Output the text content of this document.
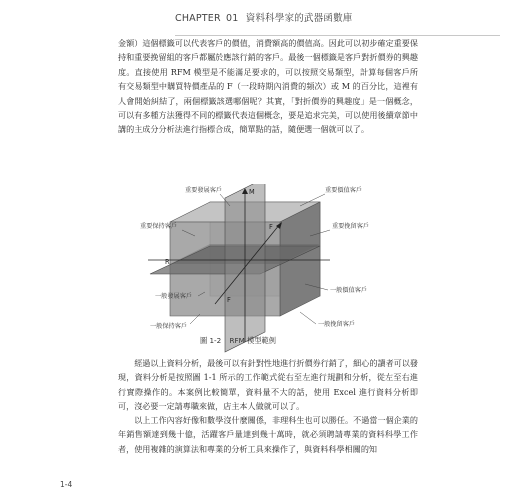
CHAPTER 01 資料科學家的武器函數庫

金額）這個標籤可以代表客戶的價值，消費額高的價值高。因此可以初步確定重要保持和重要挽留組的客戶都屬於應該行銷的客戶。最後一個標籤是客戶對折價券的興趣度。直接使用 RFM 模型是不能滿足要求的，可以按照交易類型，計算每個客戶所有交易類型中購買特價產品的 F（一段時期內消費的頻次）或 M 的百分比，這裡有人會開始糾結了，兩個標籤該選哪個呢？其實，「對折價券的興趣度」是一個概念，可以有多種方法獲得不同的標籤代表這個概念，要是追求完美，可以使用後續章節中講的主成分分析法進行指標合成，簡單點的話，隨便選一個就可以了。

M
F
R
F
重要發展客戶	重要價值客戶
重要保持客戶	重要挽留客戶
一般發展客戶
一般價值客戶
一般保持客戶	一般挽留客戶
圖 1-2 RFM 模型範例

經過以上資料分析，最後可以有針對性地進行折價券行銷了，細心的讀者可以發現，資料分析是按照圖 1-1 所示的工作範式從右至左進行規劃和分析，從左至右進行實際操作的。本案例比較簡單，資料量不大的話，使用 Excel 進行資料分析即可，沒必要一定請專職來做，店主本人做就可以了。

以上工作內容好像和數學沒什麼關係，非理科生也可以勝任。不過當一個企業的年銷售額達到幾十億，活躍客戶量達到幾十萬時，就必須聘請專業的資料科學工作者，使用複雜的演算法和專業的分析工具來操作了，與資料科學相關的知

1-4
